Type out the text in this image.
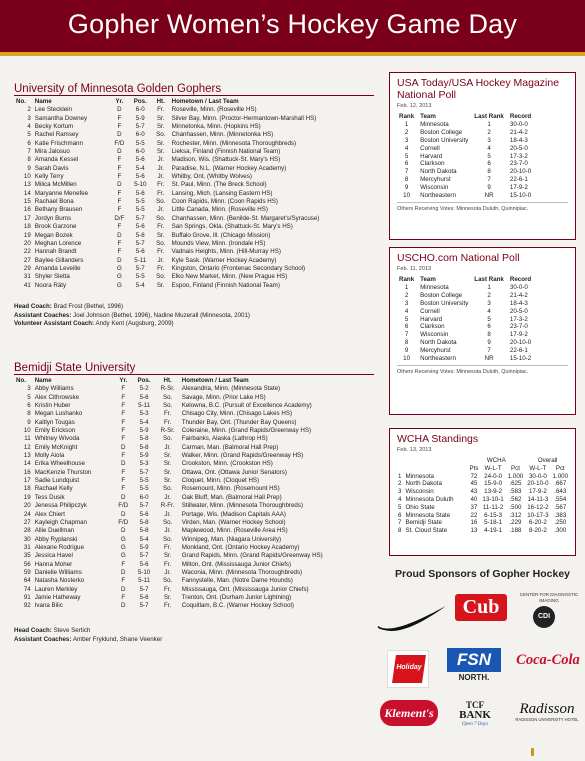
Gopher Women’s Hockey Game Day
University of Minnesota Golden Gophers
No.	Name	Yr.	Pos.	Ht.	Hometown / Last Team
2	Lee Stecklein	D	6-0	Fr.	Roseville, Minn. (Roseville HS)
3	Samantha Downey	F	5-9	Sr.	Silver Bay, Minn. (Proctor-Hermantown-Marshall HS)
4	Becky Kortum	F	5-7	Sr.	Minnetonka, Minn. (Hopkins HS)
5	Rachel Ramsey	D	6-0	So.	Chanhassen, Minn. (Minnetonka HS)
6	Katie Frischmann	F/D	5-5	Sr.	Rochester, Minn. (Minnesota Thoroughbreds)
7	Mira Jalosuo	D	6-0	Sr.	Lieksa, Finland (Finnish National Team)
8	Amanda Kessel	F	5-6	Jr.	Madison, Wis. (Shattuck-St. Mary's HS)
9	Sarah Davis	F	5-4	Jr.	Paradise, N.L. (Warner Hockey Academy)
10	Kelly Terry	F	5-6	Jr.	Whitby, Ont. (Whitby Wolves)
13	Milica McMillen	D	5-10	Fr.	St. Paul, Minn. (The Breck School)
14	Maryanne Menefee	F	5-6	Fr.	Lansing, Mich. (Lansing Eastern HS)
15	Rachael Bona	F	5-5	So.	Coon Rapids, Minn. (Coon Rapids HS)
16	Bethany Brausen	F	5-5	Jr.	Little Canada, Minn. (Roseville HS)
17	Jordyn Burns	D/F	5-7	So.	Chanhassen, Minn. (Benilde-St. Margaret's/Syracuse)
18	Brook Garzone	F	5-6	Fr.	San Springs, Okla. (Shattuck-St. Mary's HS)
19	Megan Bozek	D	5-8	Sr.	Buffalo Grove, Ill. (Chicago Mission)
20	Meghan Lorence	F	5-7	So.	Mounds View, Minn. (Irondale HS)
22	Hannah Brandt	F	5-6	Fr.	Vadnais Heights, Minn. (Hill-Murray HS)
27	Baylee Gillanders	D	5-11	Jr.	Kyle Sask. (Warner Hockey Academy)
29	Amanda Leveille	G	5-7	Fr.	Kingston, Ontario (Frontenac Secondary School)
31	Shyler Sletta	G	5-5	So.	Elko New Market, Minn. (New Prague HS)
41	Noora Räty	G	5-4	Sr.	Espoo, Finland (Finnish National Team)
Head Coach: Brad Frost (Bethel, 1996)
Assistant Coaches: Joel Johnson (Bethel, 1996), Nadine Muzerall (Minnesota, 2001)
Volunteer Assistant Coach: Andy Kent (Augsburg, 2009)
Bemidji State University
No.	Name	Yr.	Pos.	Ht.	Hometown / Last Team
3	Abby Williams	F	5-2	R-Sr.	Alexandria, Minn. (Minnesota State)
5	Alex Cithrowske	F	5-6	So.	Savage, Minn. (Prior Lake HS)
6	Kristin Huber	F	5-11	So.	Kelowna, B.C. (Pursuit of Excellence Academy)
8	Megan Lushanko	F	5-3	Fr.	Chisago City, Minn. (Chisago Lakes HS)
9	Kaitlyn Tougas	F	5-4	Fr.	Thunder Bay, Ont. (Thunder Bay Queens)
10	Emily Erickson	F	5-9	R-Sr.	Coleraine, Minn. (Grand Rapids/Greenway HS)
11	Whitney Wivoda	F	5-8	So.	Fairbanks, Alaska (Lathrop HS)
12	Emily McKnight	D	5-8	Jr.	Carman, Man. (Balmoral Hall Prep)
13	Molly Aiola	F	5-9	Sr.	Walker, Minn. (Grand Rapids/Greenway HS)
14	Erika Wheelhouse	D	5-3	Sr.	Crookston, Minn. (Crookston HS)
16	MacKenzie Thurston	F	5-7	Sr.	Ottawa, Ont. (Ottawa Junior Senators)
17	Sadie Lundquist	F	5-5	Sr.	Cloquet, Minn. (Cloquet HS)
18	Rachael Kelly	F	5-5	So.	Rosemount, Minn. (Rosemount HS)
19	Tess Dusik	D	6-0	Jr.	Oak Bluff, Man. (Balmoral Hall Prep)
20	Jenessa Philipczyk	F/D	5-7	R-Fr.	Stillwater, Minn. (Minnesota Thoroughbreds)
24	Alex Chiert	D	5-6	Jr.	Portage, Wis. (Madison Capitals AAA)
27	Kayleigh Chapman	F/D	5-8	So.	Virden, Man. (Warner Hockey School)
28	Allie Duellman	D	5-8	Jr.	Maplewood, Minn. (Roseville Area HS)
30	Abby Ryplanski	G	5-4	So.	Winnipeg, Man. (Niagara University)
31	Alexane Rodrigue	G	5-9	Fr.	Monkland, Ont. (Ontario Hockey Academy)
35	Jessica Havel	G	5-7	Sr.	Grand Rapids, Minn. (Grand Rapids/Greenway HS)
56	Hanna Moher	F	5-6	Fr.	Milton, Ont. (Mississauga Junior Chiefs)
59	Danielle Williams	D	5-10	Jr.	Waconia, Minn. (Minnesota Thoroughbreds)
64	Natasha Nosterko	F	5-11	So.	Fannystelle, Man. (Notre Dame Hounds)
74	Lauren Merkley	D	5-7	Fr.	Mississauga, Ont. (Mississauga Junior Chiefs)
91	Jamie Hatheway	F	5-6	Sr.	Trenton, Ont. (Durham Junior Lightning)
92	Ivana Bilic	D	5-7	Fr.	Coquitlam, B.C. (Warner Hockey School)
Head Coach: Steve Sertich
Assistant Coaches: Amber Fryklund, Shane Veenker
USA Today/USA Hockey Magazine
National Poll
Feb. 12, 2013
Rank	Team	Last Rank	Record
1	Minnesota	1	30-0-0
2	Boston College	2	21-4-2
3	Boston University	3	18-4-3
4	Cornell	4	20-5-0
5	Harvard	5	17-3-2
6	Clarkson	6	23-7-0
7	North Dakota	8	20-10-0
8	Mercyhurst	7	22-6-1
9	Wisconsin	9	17-9-2
10	Northeastern	NR	15-10-0
Others Receiving Votes: Minnesota Duluth, Quinnipiac.
USCHO.com National Poll
Feb. 11, 2013
Rank	Team	Last Rank	Record
1	Minnesota	1	30-0-0
2	Boston College	2	21-4-2
3	Boston University	3	18-4-3
4	Cornell	4	20-5-0
5	Harvard	5	17-3-2
6	Clarkson	6	23-7-0
7	Wisconsin	8	17-9-2
8	North Dakota	9	20-10-0
9	Mercyhurst	7	22-6-1
10	Northeastern	NR	15-10-2
Others Receiving Votes: Minnesota Duluth, Quinnipiac.
WCHA Standings
Feb. 13, 2013
		WCHA			Overall	
		Pts	W-L-T	Pct	W-L-T	Pct
1	Minnesota	72	24-0-0	1.000	30-0-0	1.000
2	North Dakota	45	15-9-0	.625	20-10-0	.667
3	Wisconsin	43	13-9-2	.583	17-9-2	.643
4	Minnesota Duluth	40	13-10-1	.562	14-11-3	.554
5	Ohio State	37	11-11-2	.500	16-12-2	.567
6	Minnesota State	22	6-15-3	.312	10-17-3	.383
7	Bemidji State	16	5-18-1	.229	6-20-2	.250
8	St. Cloud State	13	4-19-1	.188	8-20-2	.300
Proud Sponsors of Gopher Hockey
Cub
CENTER FOR DIAGNOSTIC IMAGING
CDI
Holiday	FSN
NORTH.
Coca-Cola
Klement's
TCF
BANK
Open 7 Days
Radisson
RADISSON UNIVERSITY HOTEL
